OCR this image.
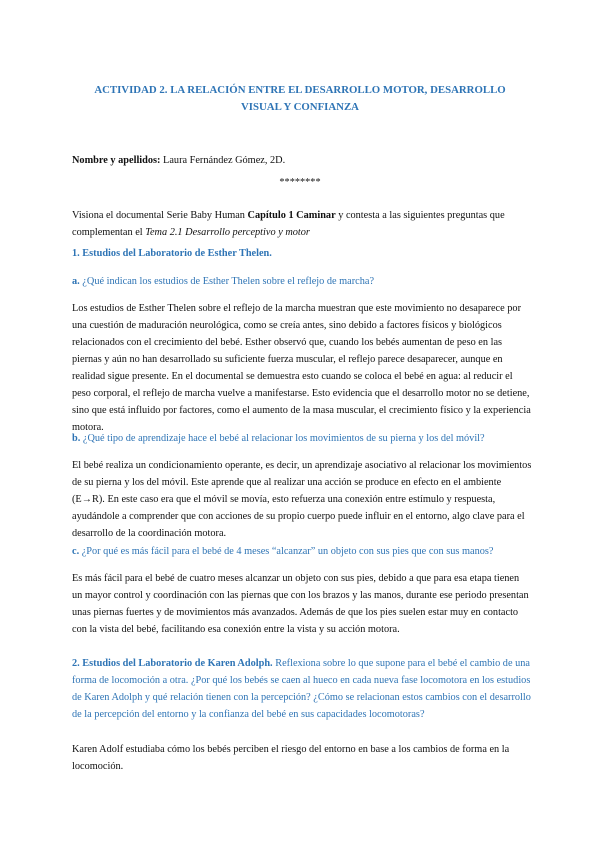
ACTIVIDAD 2. LA RELACIÓN ENTRE EL DESARROLLO MOTOR, DESARROLLO VISUAL Y CONFIANZA

Nombre y apellidos: Laura Fernández Gómez, 2D.

********

Visiona el documental Serie Baby Human Capítulo 1 Caminar y contesta a las siguientes preguntas que complementan el Tema 2.1 Desarrollo perceptivo y motor

1. Estudios del Laboratorio de Esther Thelen.

a. ¿Qué indican los estudios de Esther Thelen sobre el reflejo de marcha?

Los estudios de Esther Thelen sobre el reflejo de la marcha muestran que este movimiento no desaparece por una cuestión de maduración neurológica, como se creía antes, sino debido a factores físicos y biológicos relacionados con el crecimiento del bebé. Esther observó que, cuando los bebés aumentan de peso en las piernas y aún no han desarrollado su suficiente fuerza muscular, el reflejo parece desaparecer, aunque en realidad sigue presente. En el documental se demuestra esto cuando se coloca el bebé en agua: al reducir el peso corporal, el reflejo de marcha vuelve a manifestarse. Esto evidencia que el desarrollo motor no se detiene, sino que está influido por factores, como el aumento de la masa muscular, el crecimiento físico y la experiencia motora.

b. ¿Qué tipo de aprendizaje hace el bebé al relacionar los movimientos de su pierna y los del móvil?

El bebé realiza un condicionamiento operante, es decir, un aprendizaje asociativo al relacionar los movimientos de su pierna y los del móvil. Este aprende que al realizar una acción se produce en efecto en el ambiente (E→R). En este caso era que el móvil se movía, esto refuerza una conexión entre estímulo y respuesta, ayudándole a comprender que con acciones de su propio cuerpo puede influir en el entorno, algo clave para el desarrollo de la coordinación motora.

c. ¿Por qué es más fácil para el bebé de 4 meses “alcanzar” un objeto con sus pies que con sus manos?

Es más fácil para el bebé de cuatro meses alcanzar un objeto con sus pies, debido a que para esa etapa tienen un mayor control y coordinación con las piernas que con los brazos y las manos, durante ese periodo presentan unas piernas fuertes y de movimientos más avanzados. Además de que los pies suelen estar muy en contacto con la vista del bebé, facilitando esa conexión entre la vista y su acción motora.

2. Estudios del Laboratorio de Karen Adolph. Reflexiona sobre lo que supone para el bebé el cambio de una forma de locomoción a otra. ¿Por qué los bebés se caen al hueco en cada nueva fase locomotora en los estudios de Karen Adolph y qué relación tienen con la percepción? ¿Cómo se relacionan estos cambios con el desarrollo de la percepción del entorno y la confianza del bebé en sus capacidades locomotoras?

Karen Adolf estudiaba cómo los bebés perciben el riesgo del entorno en base a los cambios de forma en la locomoción.
